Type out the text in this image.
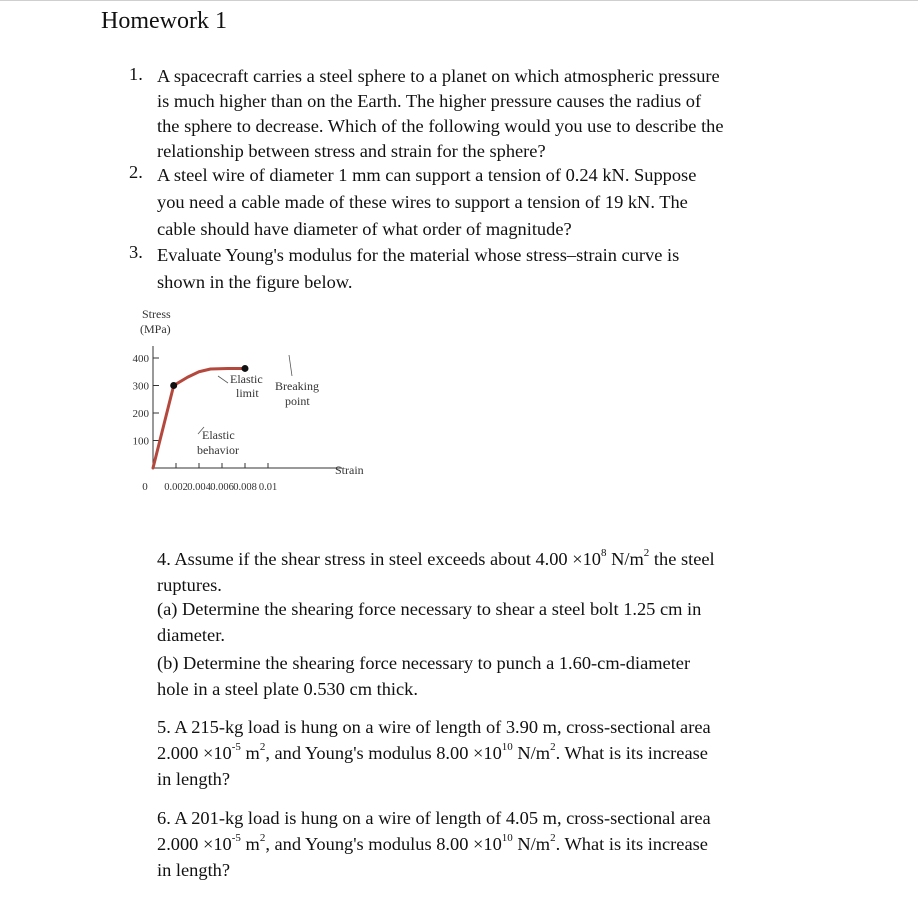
Homework 1
1. A spacecraft carries a steel sphere to a planet on which atmospheric pressure
is much higher than on the Earth. The higher pressure causes the radius of
the sphere to decrease. Which of the following would you use to describe the
relationship between stress and strain for the sphere?
2. A steel wire of diameter 1 mm can support a tension of 0.24 kN. Suppose
you need a cable made of these wires to support a tension of 19 kN. The
cable should have diameter of what order of magnitude?
3. Evaluate Young's modulus for the material whose stress–strain curve is
shown in the figure below.
Stress
(MPa)
100
200
300
400
0.002 0.004 0.006 0.008 0.01
Elastic
limit Breaking
point
Elastic
behavior
Strain
0
4. Assume if the shear stress in steel exceeds about $4.00 \times 10^8$ $N/m^2$ the steel
ruptures.
(a) Determine the shearing force necessary to shear a steel bolt 1.25 cm in
diameter.
(b) Determine the shearing force necessary to punch a 1.60-cm-diameter
hole in a steel plate 0.530 cm thick.
5. A 215-kg load is hung on a wire of length of 3.90 m, cross-sectional area
$2.000 \times 10^{-5}$ $m^2$, and Young's modulus $8.00 \times 10^{10}$ $N/m^2$. What is its increase
in length?
6. A 201-kg load is hung on a wire of length of 4.05 m, cross-sectional area
$2.000 \times 10^{-5}$ $m^2$, and Young's modulus $8.00 \times 10^{10}$ $N/m^2$. What is its increase
in length?
